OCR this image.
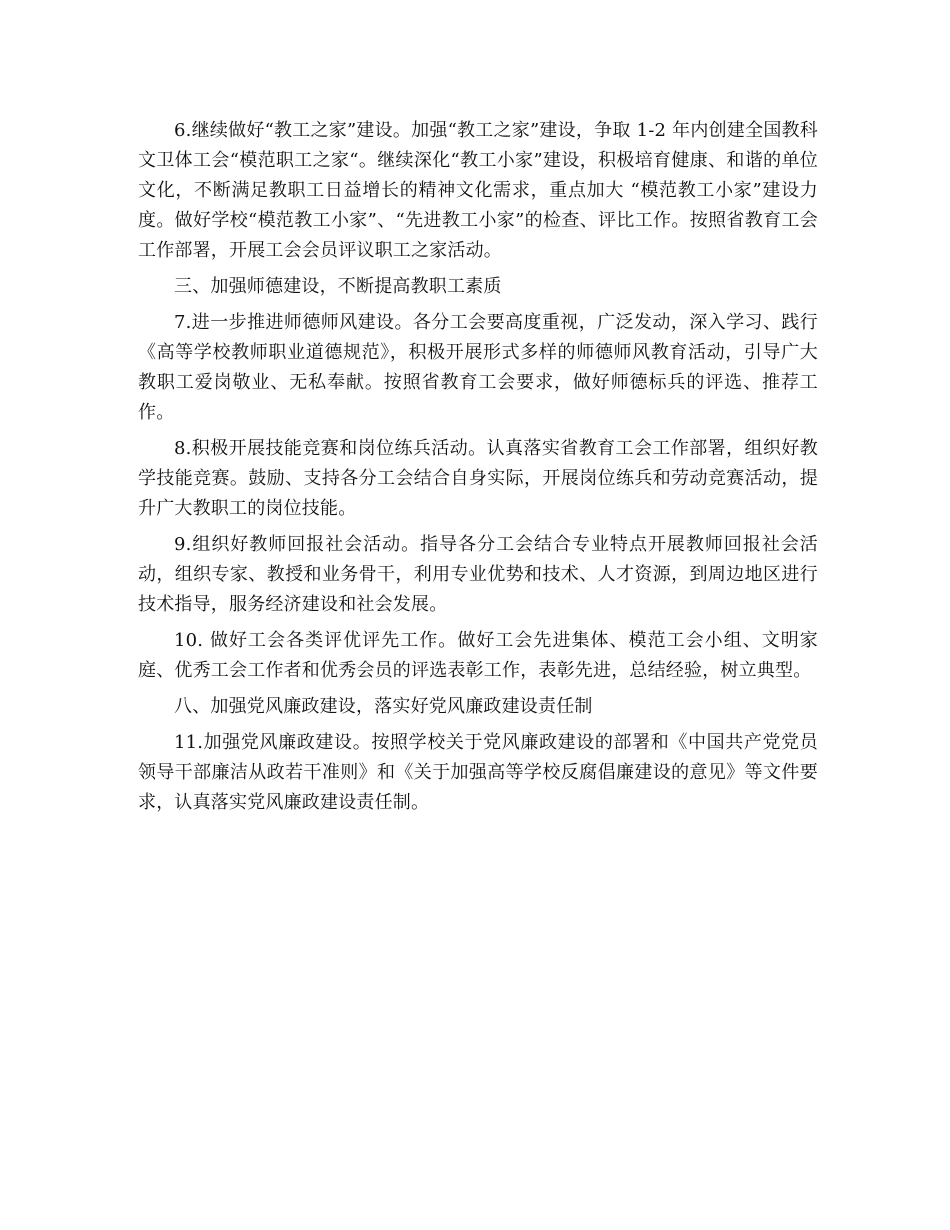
6.继续做好“教工之家”建设。加强“教工之家”建设，争取 1-2 年内创建全国教科文卫体工会“模范职工之家“。继续深化“教工小家”建设，积极培育健康、和谐的单位文化，不断满足教职工日益增长的精神文化需求，重点加大 “模范教工小家”建设力度。做好学校“模范教工小家”、“先进教工小家”的检查、评比工作。按照省教育工会工作部署，开展工会会员评议职工之家活动。

三、加强师德建设，不断提高教职工素质

7.进一步推进师德师风建设。各分工会要高度重视，广泛发动，深入学习、践行《高等学校教师职业道德规范》，积极开展形式多样的师德师风教育活动，引导广大教职工爱岗敬业、无私奉献。按照省教育工会要求，做好师德标兵的评选、推荐工作。

8.积极开展技能竞赛和岗位练兵活动。认真落实省教育工会工作部署，组织好教学技能竞赛。鼓励、支持各分工会结合自身实际，开展岗位练兵和劳动竞赛活动，提升广大教职工的岗位技能。

9.组织好教师回报社会活动。指导各分工会结合专业特点开展教师回报社会活动，组织专家、教授和业务骨干，利用专业优势和技术、人才资源，到周边地区进行技术指导，服务经济建设和社会发展。

10. 做好工会各类评优评先工作。做好工会先进集体、模范工会小组、文明家庭、优秀工会工作者和优秀会员的评选表彰工作，表彰先进，总结经验，树立典型。

八、加强党风廉政建设，落实好党风廉政建设责任制

11.加强党风廉政建设。按照学校关于党风廉政建设的部署和《中国共产党党员领导干部廉洁从政若干准则》和《关于加强高等学校反腐倡廉建设的意见》等文件要求，认真落实党风廉政建设责任制。
